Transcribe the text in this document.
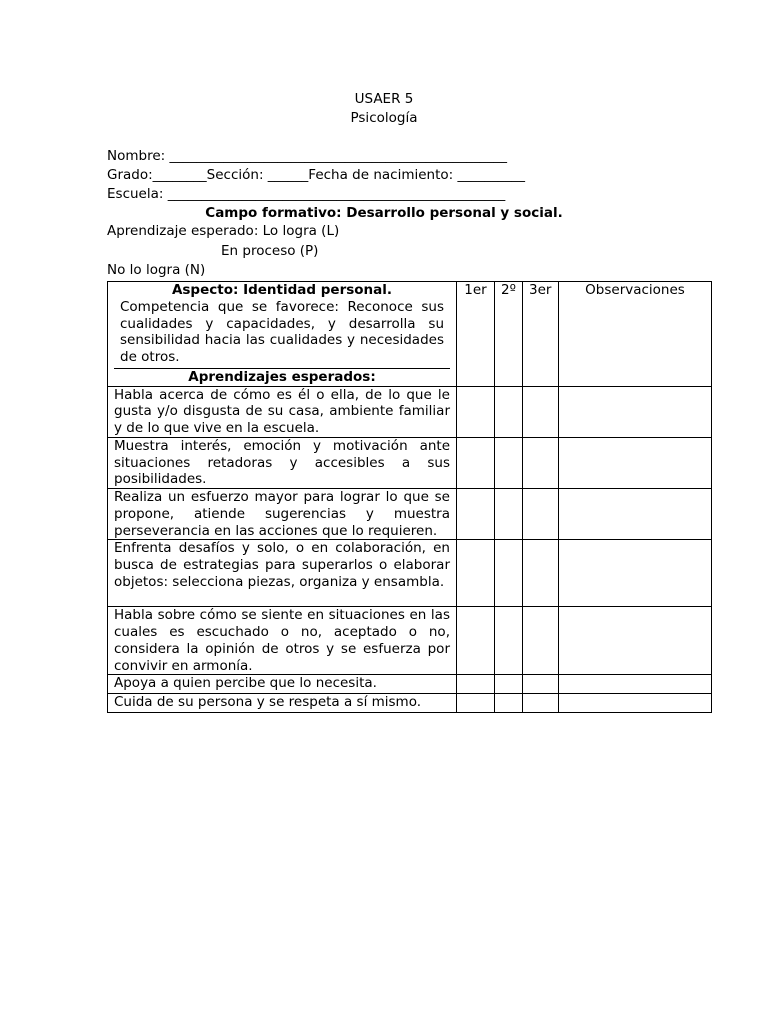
USAER 5
Psicología
Nombre: __________________________________________________
Grado:________Sección: ______Fecha de nacimiento: __________
Escuela: __________________________________________________
Campo formativo: Desarrollo personal y social.
Aprendizaje esperado: Lo logra (L)
En proceso (P)
No lo logra (N)
Aspecto: Identidad personal.
Competencia que se favorece: Reconoce sus cualidades y capacidades, y desarrolla su sensibilidad hacia las cualidades y necesidades de otros.
Aprendizajes esperados:	1er	2º	3er	Observaciones
Habla acerca de cómo es él o ella, de lo que le gusta y/o disgusta de su casa, ambiente familiar y de lo que vive en la escuela.				
Muestra interés, emoción y motivación ante situaciones retadoras y accesibles a sus posibilidades.				
Realiza un esfuerzo mayor para lograr lo que se propone, atiende sugerencias y muestra perseverancia en las acciones que lo requieren.				
Enfrenta desafíos y solo, o en colaboración, en busca de estrategias para superarlos o elaborar objetos: selecciona piezas, organiza y ensambla.				
Habla sobre cómo se siente en situaciones en las cuales es escuchado o no, aceptado o no, considera la opinión de otros y se esfuerza por convivir en armonía.				
Apoya a quien percibe que lo necesita.				
Cuida de su persona y se respeta a sí mismo.				
